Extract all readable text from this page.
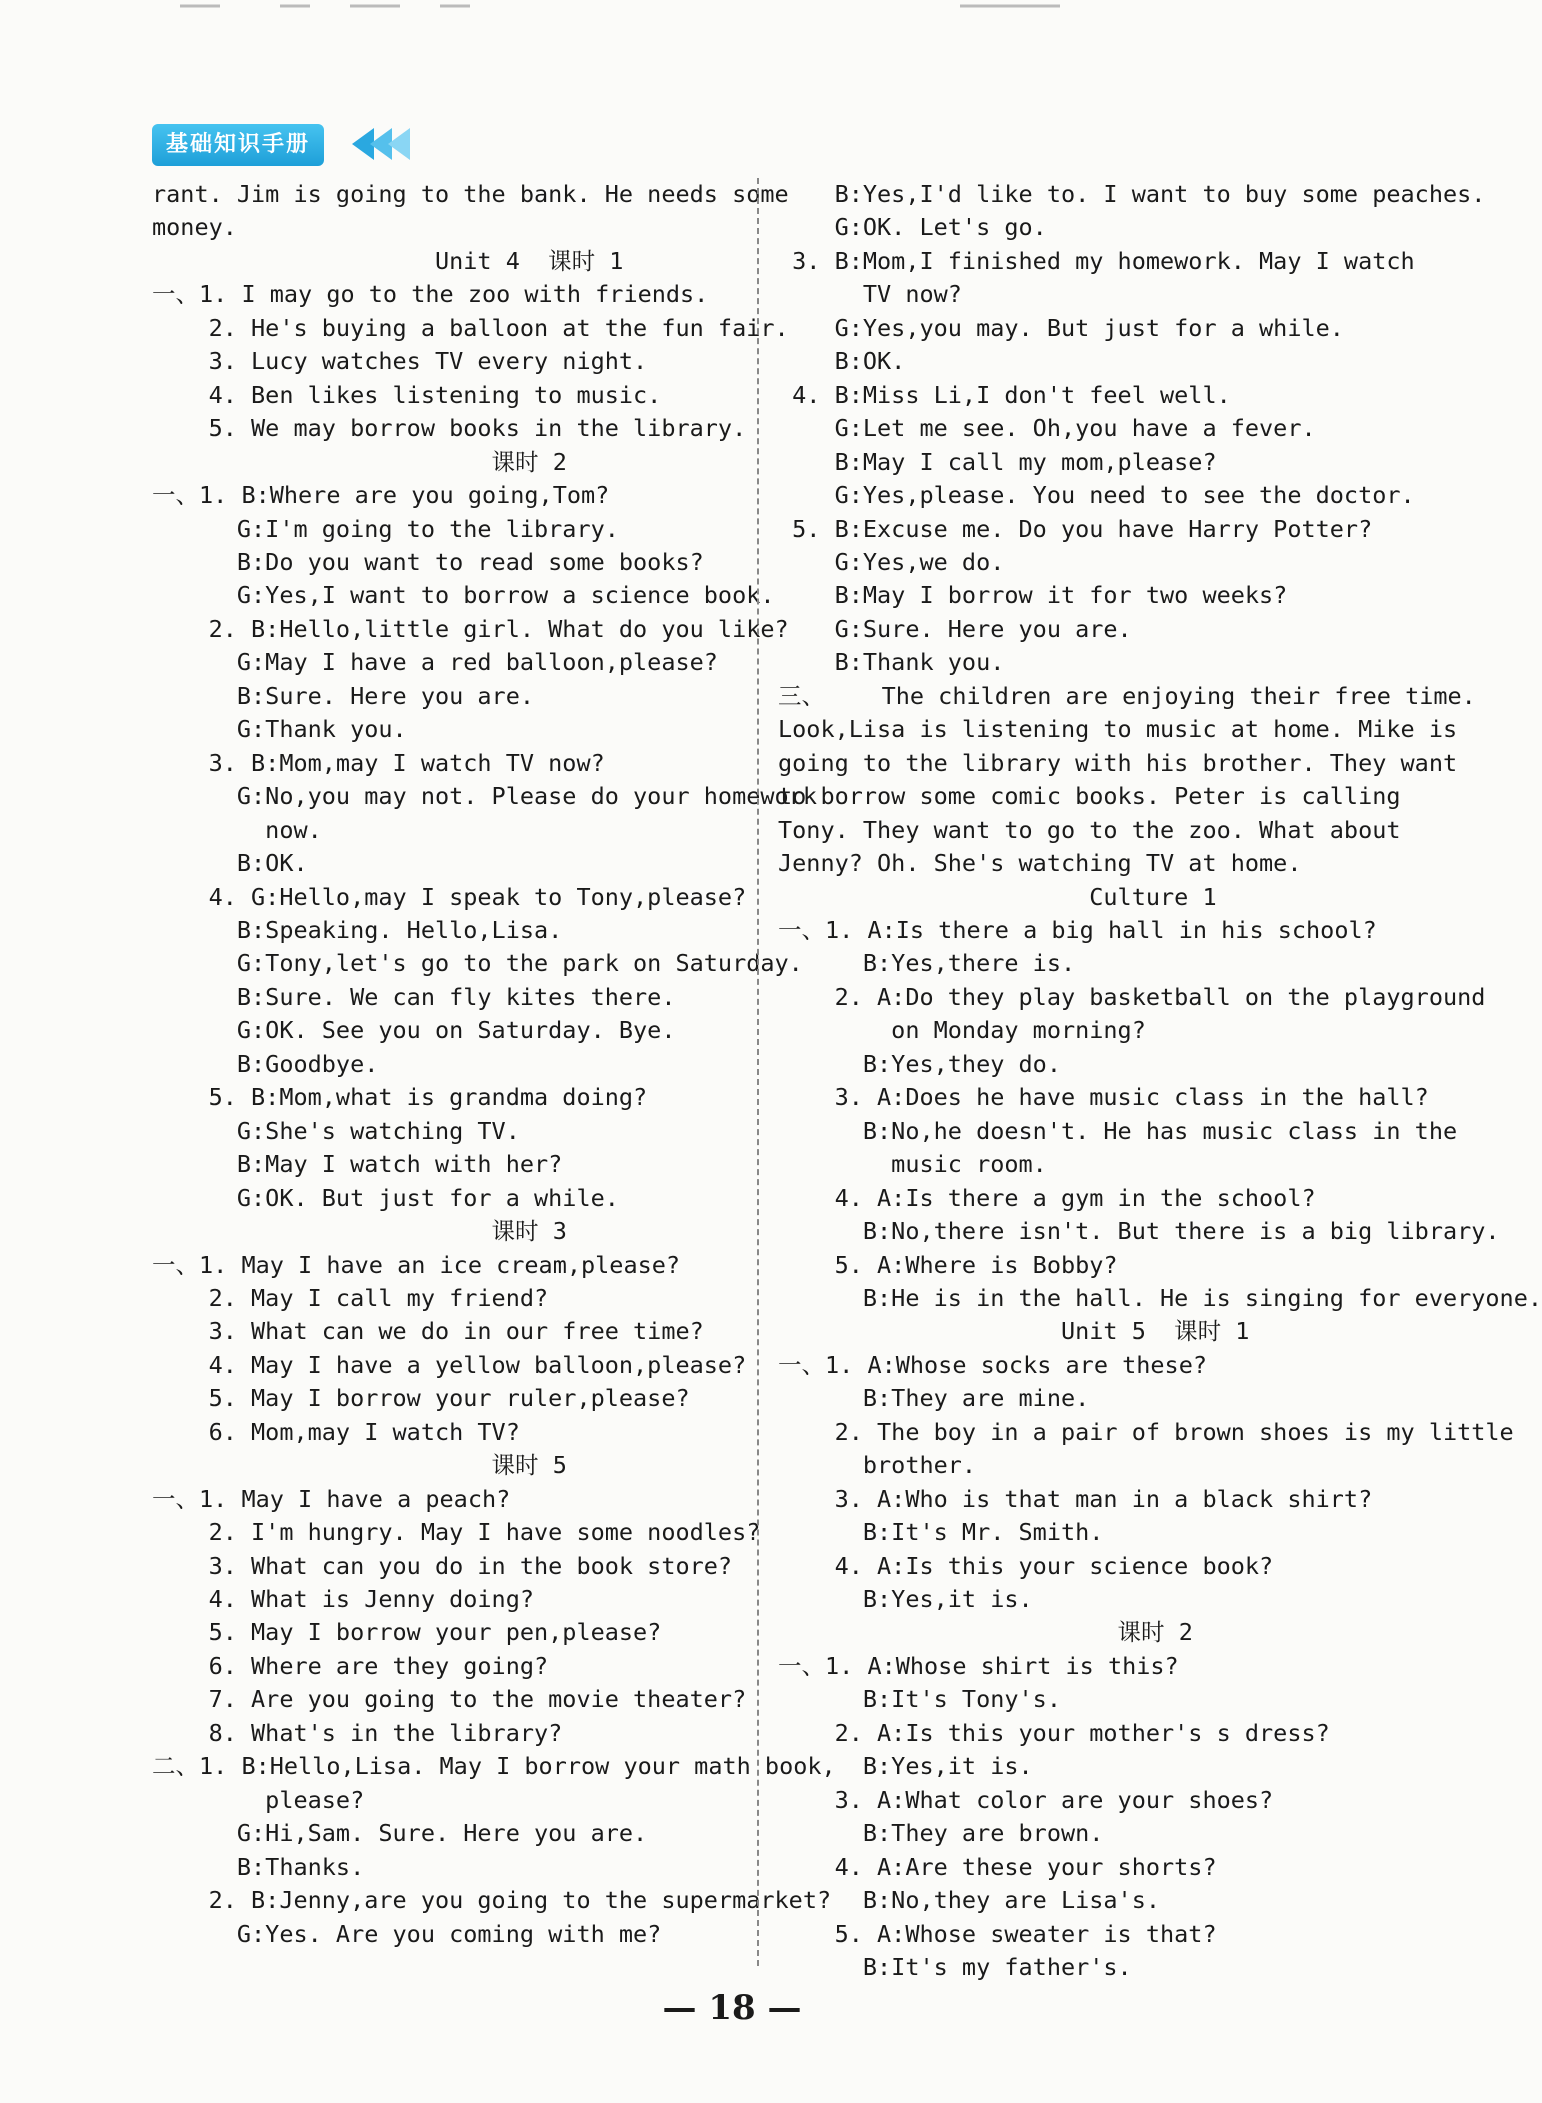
基础知识手册
rant. Jim is going to the bank. He needs some
money.
Unit 4  课时 1
一、1. I may go to the zoo with friends.
2. He's buying a balloon at the fun fair.
3. Lucy watches TV every night.
4. Ben likes listening to music.
5. We may borrow books in the library.
课时 2
一、1. B:Where are you going,Tom?
G:I'm going to the library.
B:Do you want to read some books?
G:Yes,I want to borrow a science book.
2. B:Hello,little girl. What do you like?
G:May I have a red balloon,please?
B:Sure. Here you are.
G:Thank you.
3. B:Mom,may I watch TV now?
G:No,you may not. Please do your homework
now.
B:OK.
4. G:Hello,may I speak to Tony,please?
B:Speaking. Hello,Lisa.
G:Tony,let's go to the park on Saturday.
B:Sure. We can fly kites there.
G:OK. See you on Saturday. Bye.
B:Goodbye.
5. B:Mom,what is grandma doing?
G:She's watching TV.
B:May I watch with her?
G:OK. But just for a while.
课时 3
一、1. May I have an ice cream,please?
2. May I call my friend?
3. What can we do in our free time?
4. May I have a yellow balloon,please?
5. May I borrow your ruler,please?
6. Mom,may I watch TV?
课时 5
一、1. May I have a peach?
2. I'm hungry. May I have some noodles?
3. What can you do in the book store?
4. What is Jenny doing?
5. May I borrow your pen,please?
6. Where are they going?
7. Are you going to the movie theater?
8. What's in the library?
二、1. B:Hello,Lisa. May I borrow your math book,
please?
G:Hi,Sam. Sure. Here you are.
B:Thanks.
2. B:Jenny,are you going to the supermarket?
G:Yes. Are you coming with me?
B:Yes,I'd like to. I want to buy some peaches.
G:OK. Let's go.
3. B:Mom,I finished my homework. May I watch
TV now?
G:Yes,you may. But just for a while.
B:OK.
4. B:Miss Li,I don't feel well.
G:Let me see. Oh,you have a fever.
B:May I call my mom,please?
G:Yes,please. You need to see the doctor.
5. B:Excuse me. Do you have Harry Potter?
G:Yes,we do.
B:May I borrow it for two weeks?
G:Sure. Here you are.
B:Thank you.
三、    The children are enjoying their free time.
Look,Lisa is listening to music at home. Mike is
going to the library with his brother. They want
to borrow some comic books. Peter is calling
Tony. They want to go to the zoo. What about
Jenny? Oh. She's watching TV at home.
Culture 1
一、1. A:Is there a big hall in his school?
B:Yes,there is.
2. A:Do they play basketball on the playground
on Monday morning?
B:Yes,they do.
3. A:Does he have music class in the hall?
B:No,he doesn't. He has music class in the
music room.
4. A:Is there a gym in the school?
B:No,there isn't. But there is a big library.
5. A:Where is Bobby?
B:He is in the hall. He is singing for everyone.
Unit 5  课时 1
一、1. A:Whose socks are these?
B:They are mine.
2. The boy in a pair of brown shoes is my little
brother.
3. A:Who is that man in a black shirt?
B:It's Mr. Smith.
4. A:Is this your science book?
B:Yes,it is.
课时 2
一、1. A:Whose shirt is this?
B:It's Tony's.
2. A:Is this your mother's s dress?
B:Yes,it is.
3. A:What color are your shoes?
B:They are brown.
4. A:Are these your shorts?
B:No,they are Lisa's.
5. A:Whose sweater is that?
B:It's my father's.
— 18 —
